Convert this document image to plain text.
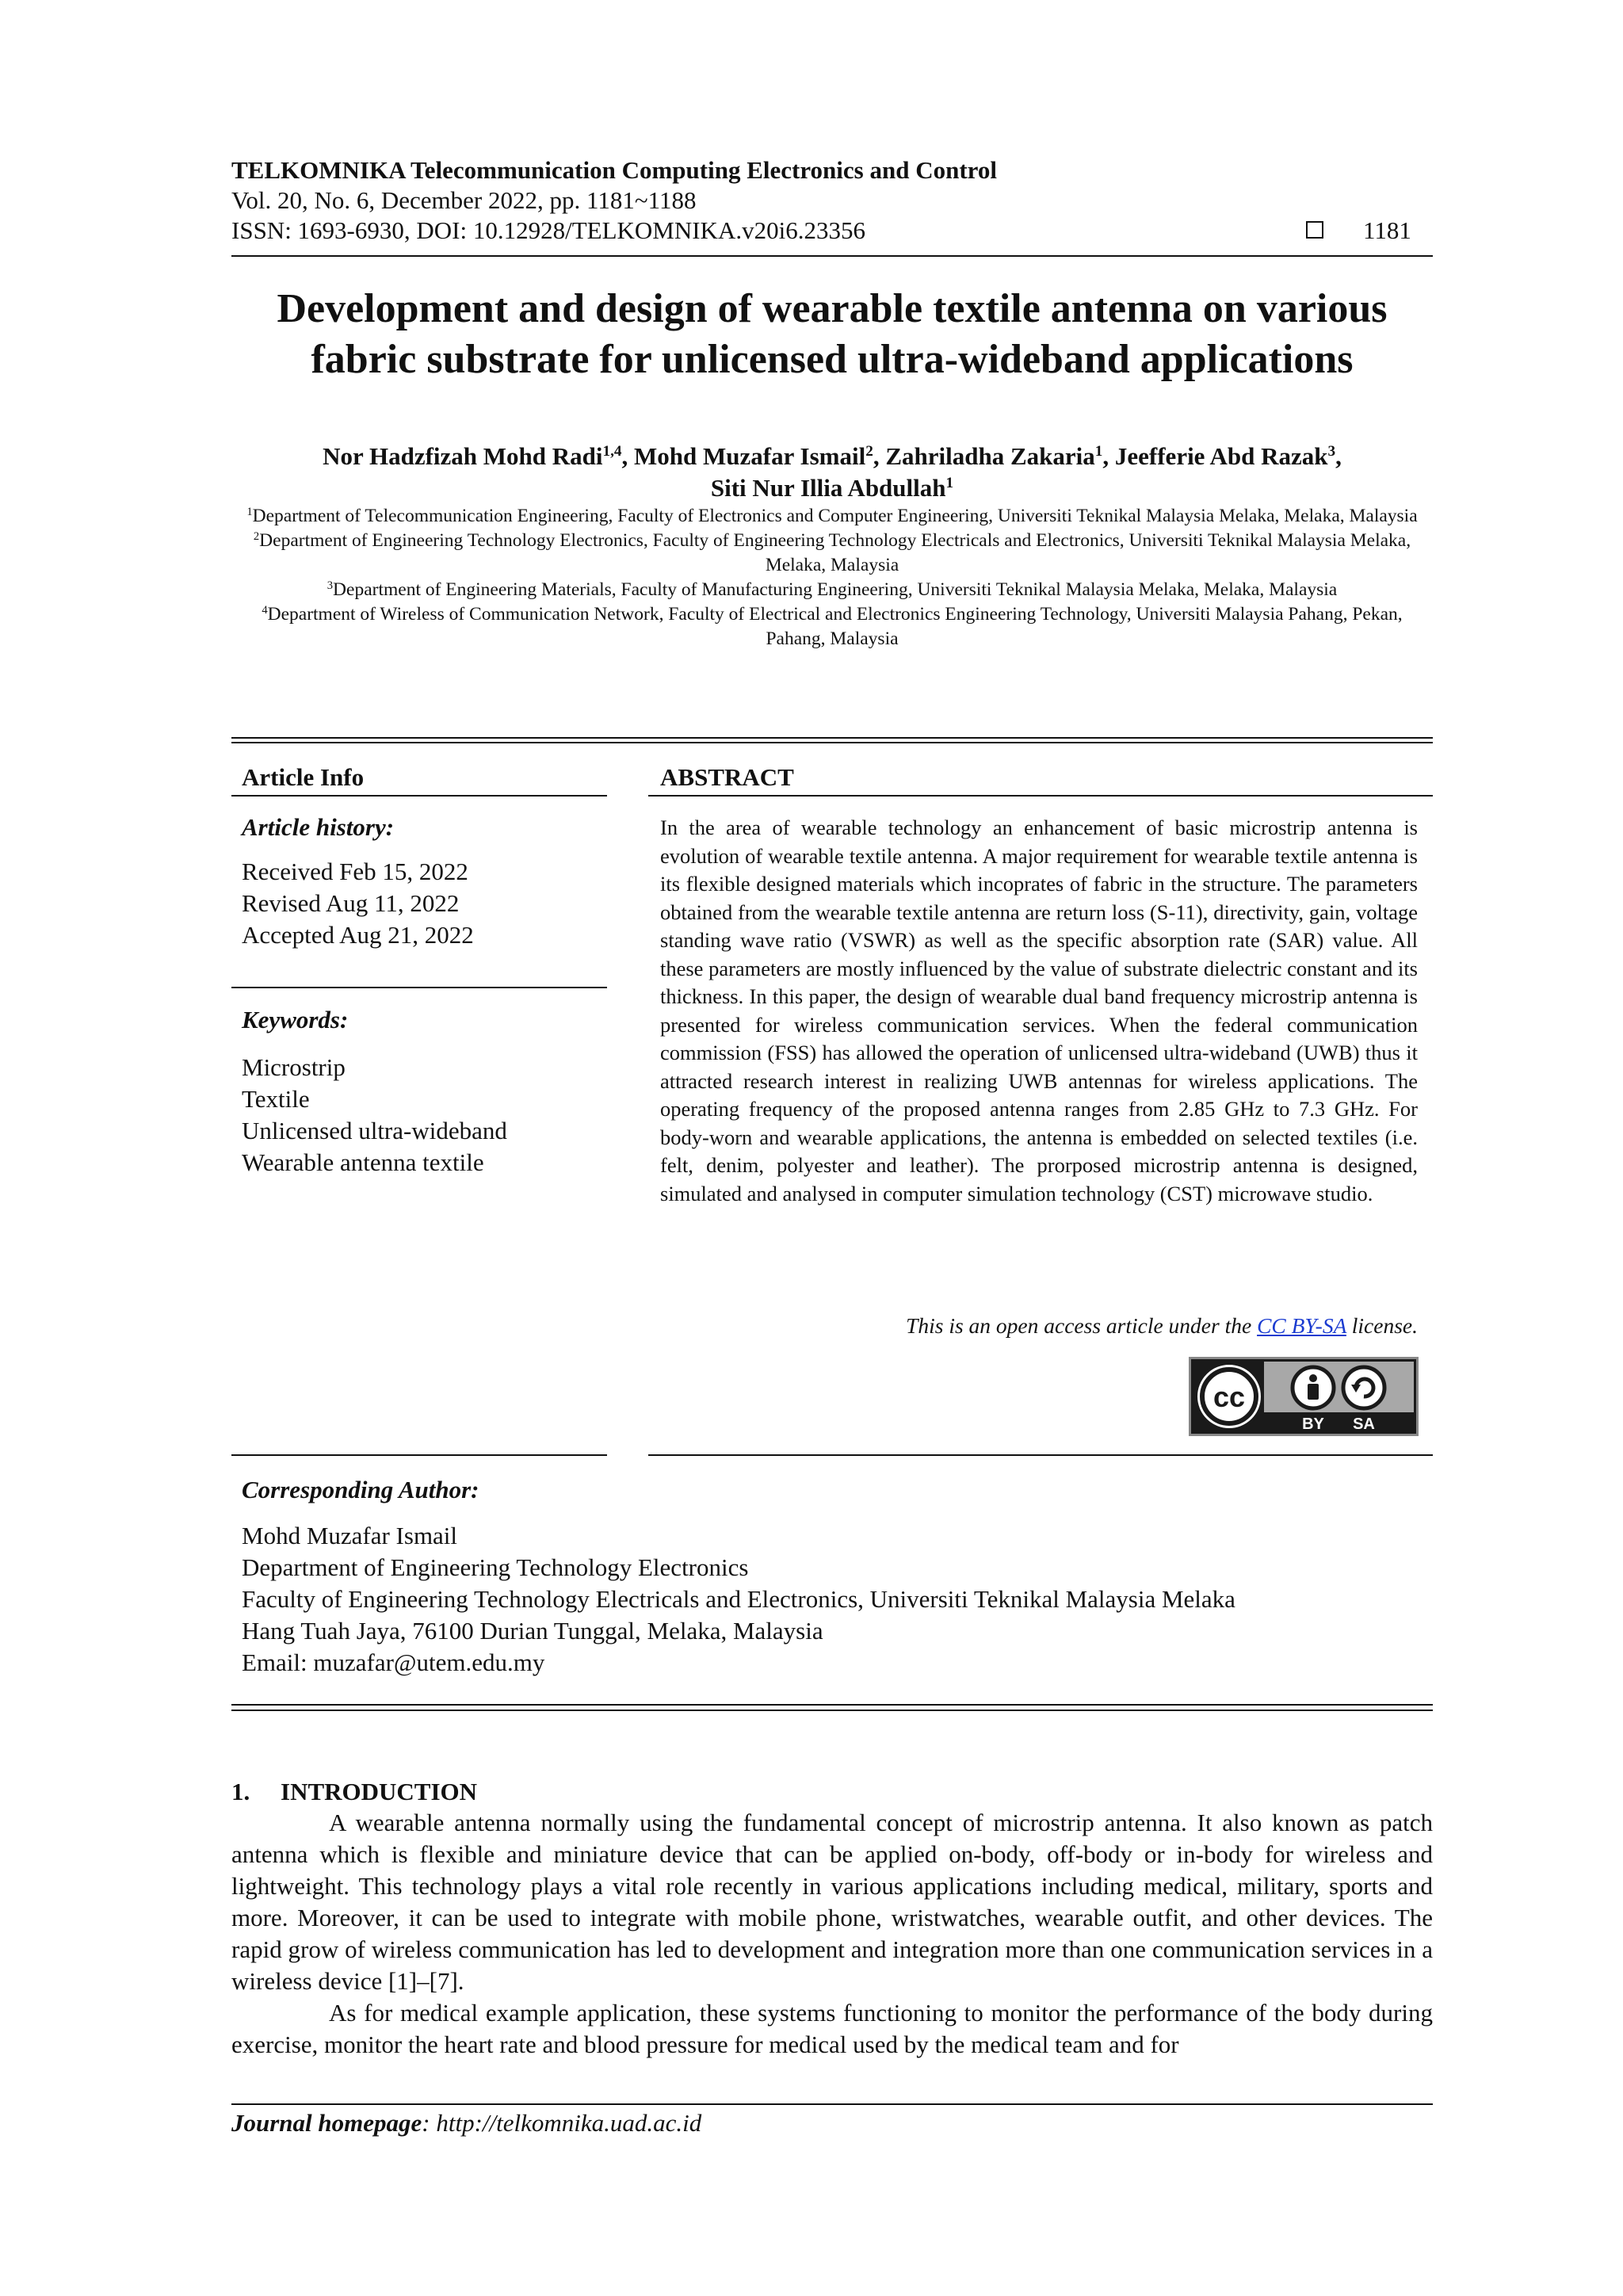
TELKOMNIKA Telecommunication Computing Electronics and Control
Vol. 20, No. 6, December 2022, pp. 1181~1188
ISSN: 1693-6930, DOI: 10.12928/TELKOMNIKA.v20i6.23356	1181
Development and design of wearable textile antenna on various
fabric substrate for unlicensed ultra-wideband applications
Nor Hadzfizah Mohd Radi$^{1,4}$, Mohd Muzafar Ismail$^2$, Zahriladha Zakaria$^1$, Jeefferie Abd Razak$^3$,
Siti Nur Illia Abdullah$^1$
$^1$Department of Telecommunication Engineering, Faculty of Electronics and Computer Engineering, Universiti Teknikal Malaysia Melaka, Melaka, Malaysia
$^2$Department of Engineering Technology Electronics, Faculty of Engineering Technology Electricals and Electronics, Universiti Teknikal Malaysia Melaka, Melaka, Malaysia
$^3$Department of Engineering Materials, Faculty of Manufacturing Engineering, Universiti Teknikal Malaysia Melaka, Melaka, Malaysia
$^4$Department of Wireless of Communication Network, Faculty of Electrical and Electronics Engineering Technology, Universiti Malaysia Pahang, Pekan, Pahang, Malaysia
Article Info
Article history:
Received Feb 15, 2022
Revised Aug 11, 2022
Accepted Aug 21, 2022
Keywords:
Microstrip
Textile
Unlicensed ultra-wideband
Wearable antenna textile
ABSTRACT
In the area of wearable technology an enhancement of basic microstrip antenna is evolution of wearable textile antenna. A major requirement for wearable textile antenna is its flexible designed materials which incoprates of fabric in the structure. The parameters obtained from the wearable textile antenna are return loss (S-11), directivity, gain, voltage standing wave ratio (VSWR) as well as the specific absorption rate (SAR) value. All these parameters are mostly influenced by the value of substrate dielectric constant and its thickness. In this paper, the design of wearable dual band frequency microstrip antenna is presented for wireless communication services. When the federal communication commission (FSS) has allowed the operation of unlicensed ultra-wideband (UWB) thus it attracted research interest in realizing UWB antennas for wireless applications. The operating frequency of the proposed antenna ranges from 2.85 GHz to 7.3 GHz. For body-worn and wearable applications, the antenna is embedded on selected textiles (i.e. felt, denim, polyester and leather). The prorposed microstrip antenna is designed, simulated and analysed in computer simulation technology (CST) microwave studio.
This is an open access article under the CC BY-SA license.
cc
BY SA
Corresponding Author:
Mohd Muzafar Ismail
Department of Engineering Technology Electronics
Faculty of Engineering Technology Electricals and Electronics, Universiti Teknikal Malaysia Melaka
Hang Tuah Jaya, 76100 Durian Tunggal, Melaka, Malaysia
Email: muzafar@utem.edu.my
1.     INTRODUCTION

A wearable antenna normally using the fundamental concept of microstrip antenna. It also known as patch antenna which is flexible and miniature device that can be applied on-body, off-body or in-body for wireless and lightweight. This technology plays a vital role recently in various applications including medical, military, sports and more. Moreover, it can be used to integrate with mobile phone, wristwatches, wearable outfit, and other devices. The rapid grow of wireless communication has led to development and integration more than one communication services in a wireless device [1]–[7].

As for medical example application, these systems functioning to monitor the performance of the body during exercise, monitor the heart rate and blood pressure for medical used by the medical team and for

Journal homepage: http://telkomnika.uad.ac.id
